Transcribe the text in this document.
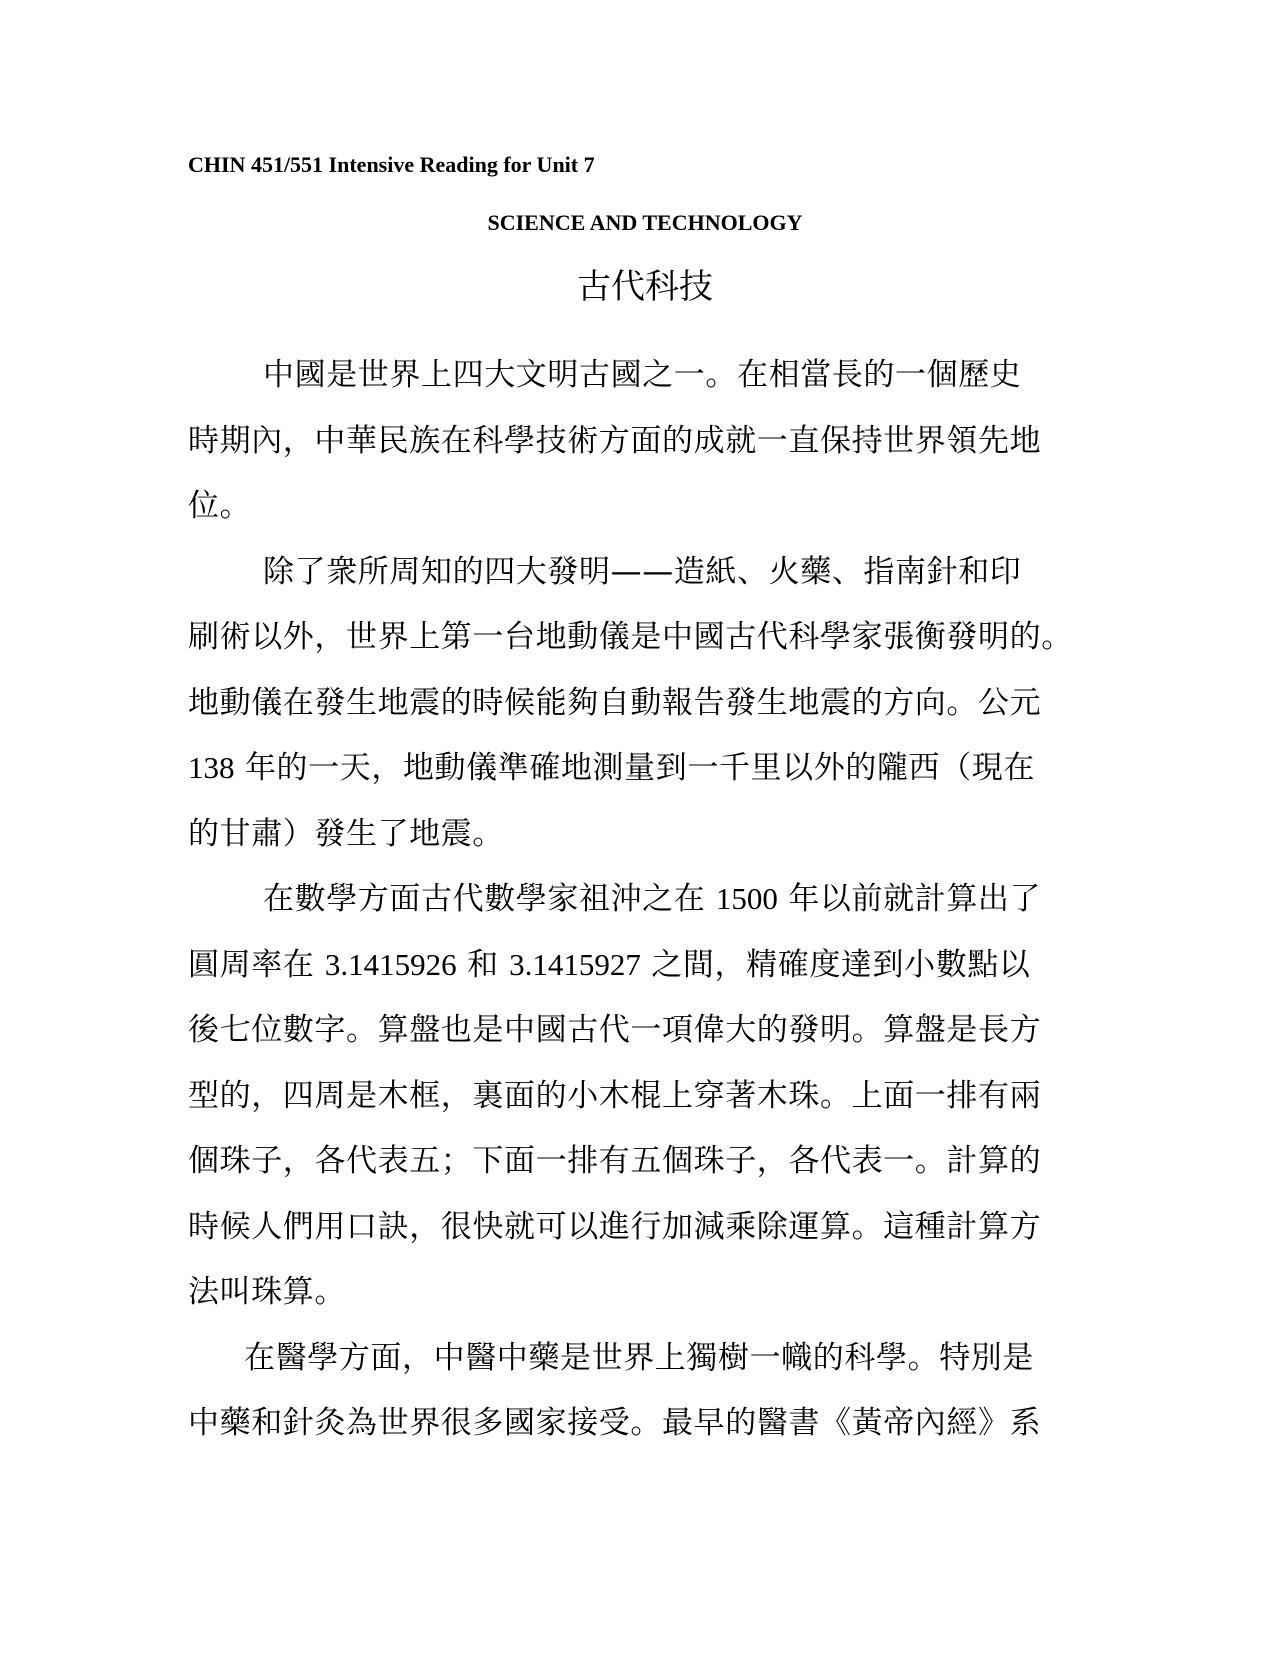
CHIN 451/551 Intensive Reading for Unit 7
SCIENCE AND TECHNOLOGY
古代科技
中國是世界上四大文明古國之一。在相當長的一個歷史
時期內，中華民族在科學技術方面的成就一直保持世界領先地
位。
除了衆所周知的四大發明——造紙、火藥、指南針和印
刷術以外，世界上第一台地動儀是中國古代科學家張衡發明的。
地動儀在發生地震的時候能夠自動報告發生地震的方向。公元
138 年的一天，地動儀準確地測量到一千里以外的隴西（現在
的甘肅）發生了地震。
在數學方面古代數學家祖沖之在 1500 年以前就計算出了
圓周率在 3.1415926 和 3.1415927 之間，精確度達到小數點以
後七位數字。算盤也是中國古代一項偉大的發明。算盤是長方
型的，四周是木框，裏面的小木棍上穿著木珠。上面一排有兩
個珠子，各代表五；下面一排有五個珠子，各代表一。計算的
時候人們用口訣，很快就可以進行加減乘除運算。這種計算方
法叫珠算。
在醫學方面，中醫中藥是世界上獨樹一幟的科學。特別是
中藥和針灸為世界很多國家接受。最早的醫書《黃帝內經》系
